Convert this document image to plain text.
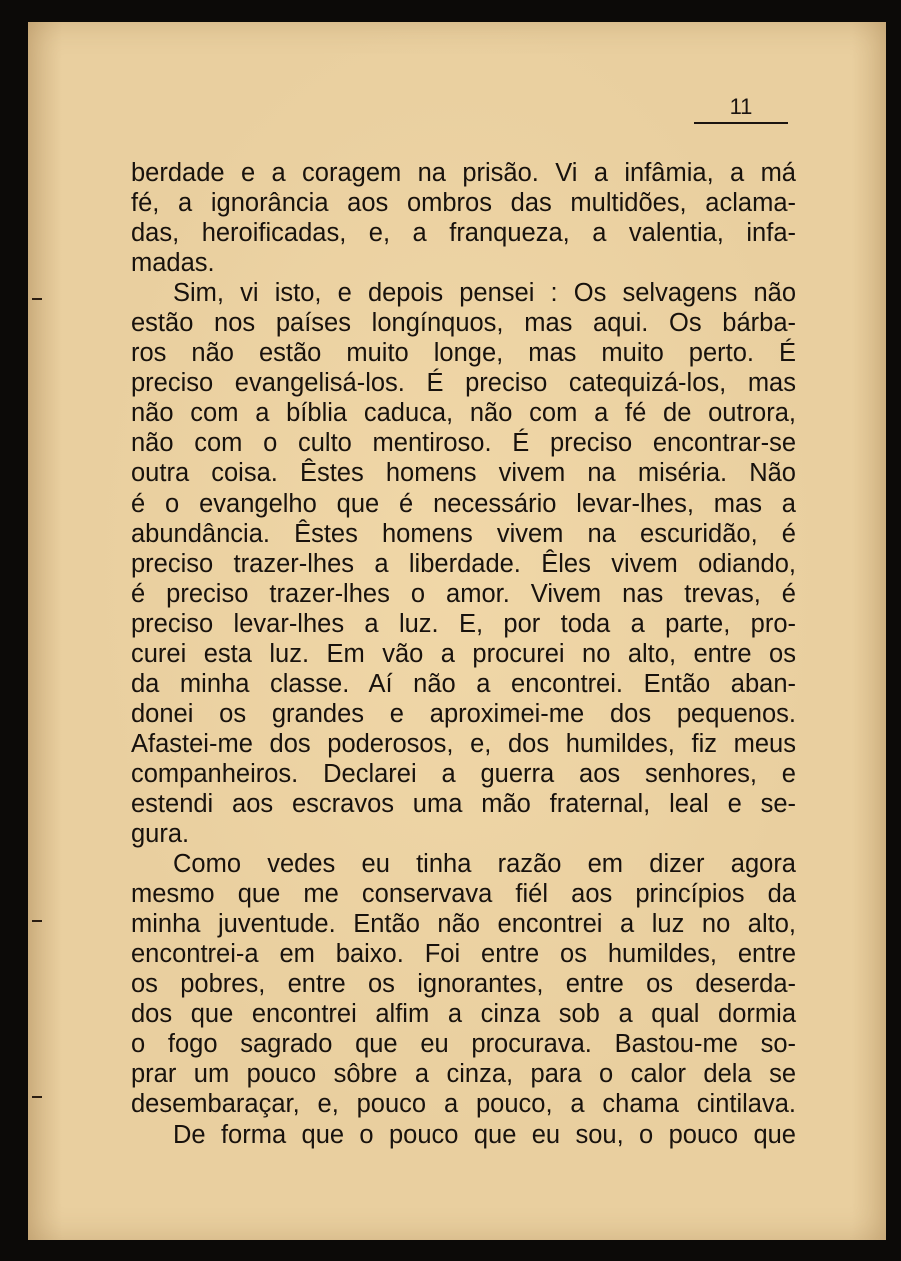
11
berdade e a coragem na prisão. Vi a infâmia, a má
fé, a ignorância aos ombros das multidões, aclama-
das, heroificadas, e, a franqueza, a valentia, infa-
madas.
Sim, vi isto, e depois pensei : Os selvagens não
estão nos países longínquos, mas aqui. Os bárba-
ros não estão muito longe, mas muito perto. É
preciso evangelisá-los. É preciso catequizá-los, mas
não com a bíblia caduca, não com a fé de outrora,
não com o culto mentiroso. É preciso encontrar-se
outra coisa. Êstes homens vivem na miséria. Não
é o evangelho que é necessário levar-lhes, mas a
abundância. Êstes homens vivem na escuridão, é
preciso trazer-lhes a liberdade. Êles vivem odiando,
é preciso trazer-lhes o amor. Vivem nas trevas, é
preciso levar-lhes a luz. E, por toda a parte, pro-
curei esta luz. Em vão a procurei no alto, entre os
da minha classe. Aí não a encontrei. Então aban-
donei os grandes e aproximei-me dos pequenos.
Afastei-me dos poderosos, e, dos humildes, fiz meus
companheiros. Declarei a guerra aos senhores, e
estendi aos escravos uma mão fraternal, leal e se-
gura.
Como vedes eu tinha razão em dizer agora
mesmo que me conservava fiél aos princípios da
minha juventude. Então não encontrei a luz no alto,
encontrei-a em baixo. Foi entre os humildes, entre
os pobres, entre os ignorantes, entre os deserda-
dos que encontrei alfim a cinza sob a qual dormia
o fogo sagrado que eu procurava. Bastou-me so-
prar um pouco sôbre a cinza, para o calor dela se
desembaraçar, e, pouco a pouco, a chama cintilava.
De forma que o pouco que eu sou, o pouco que
